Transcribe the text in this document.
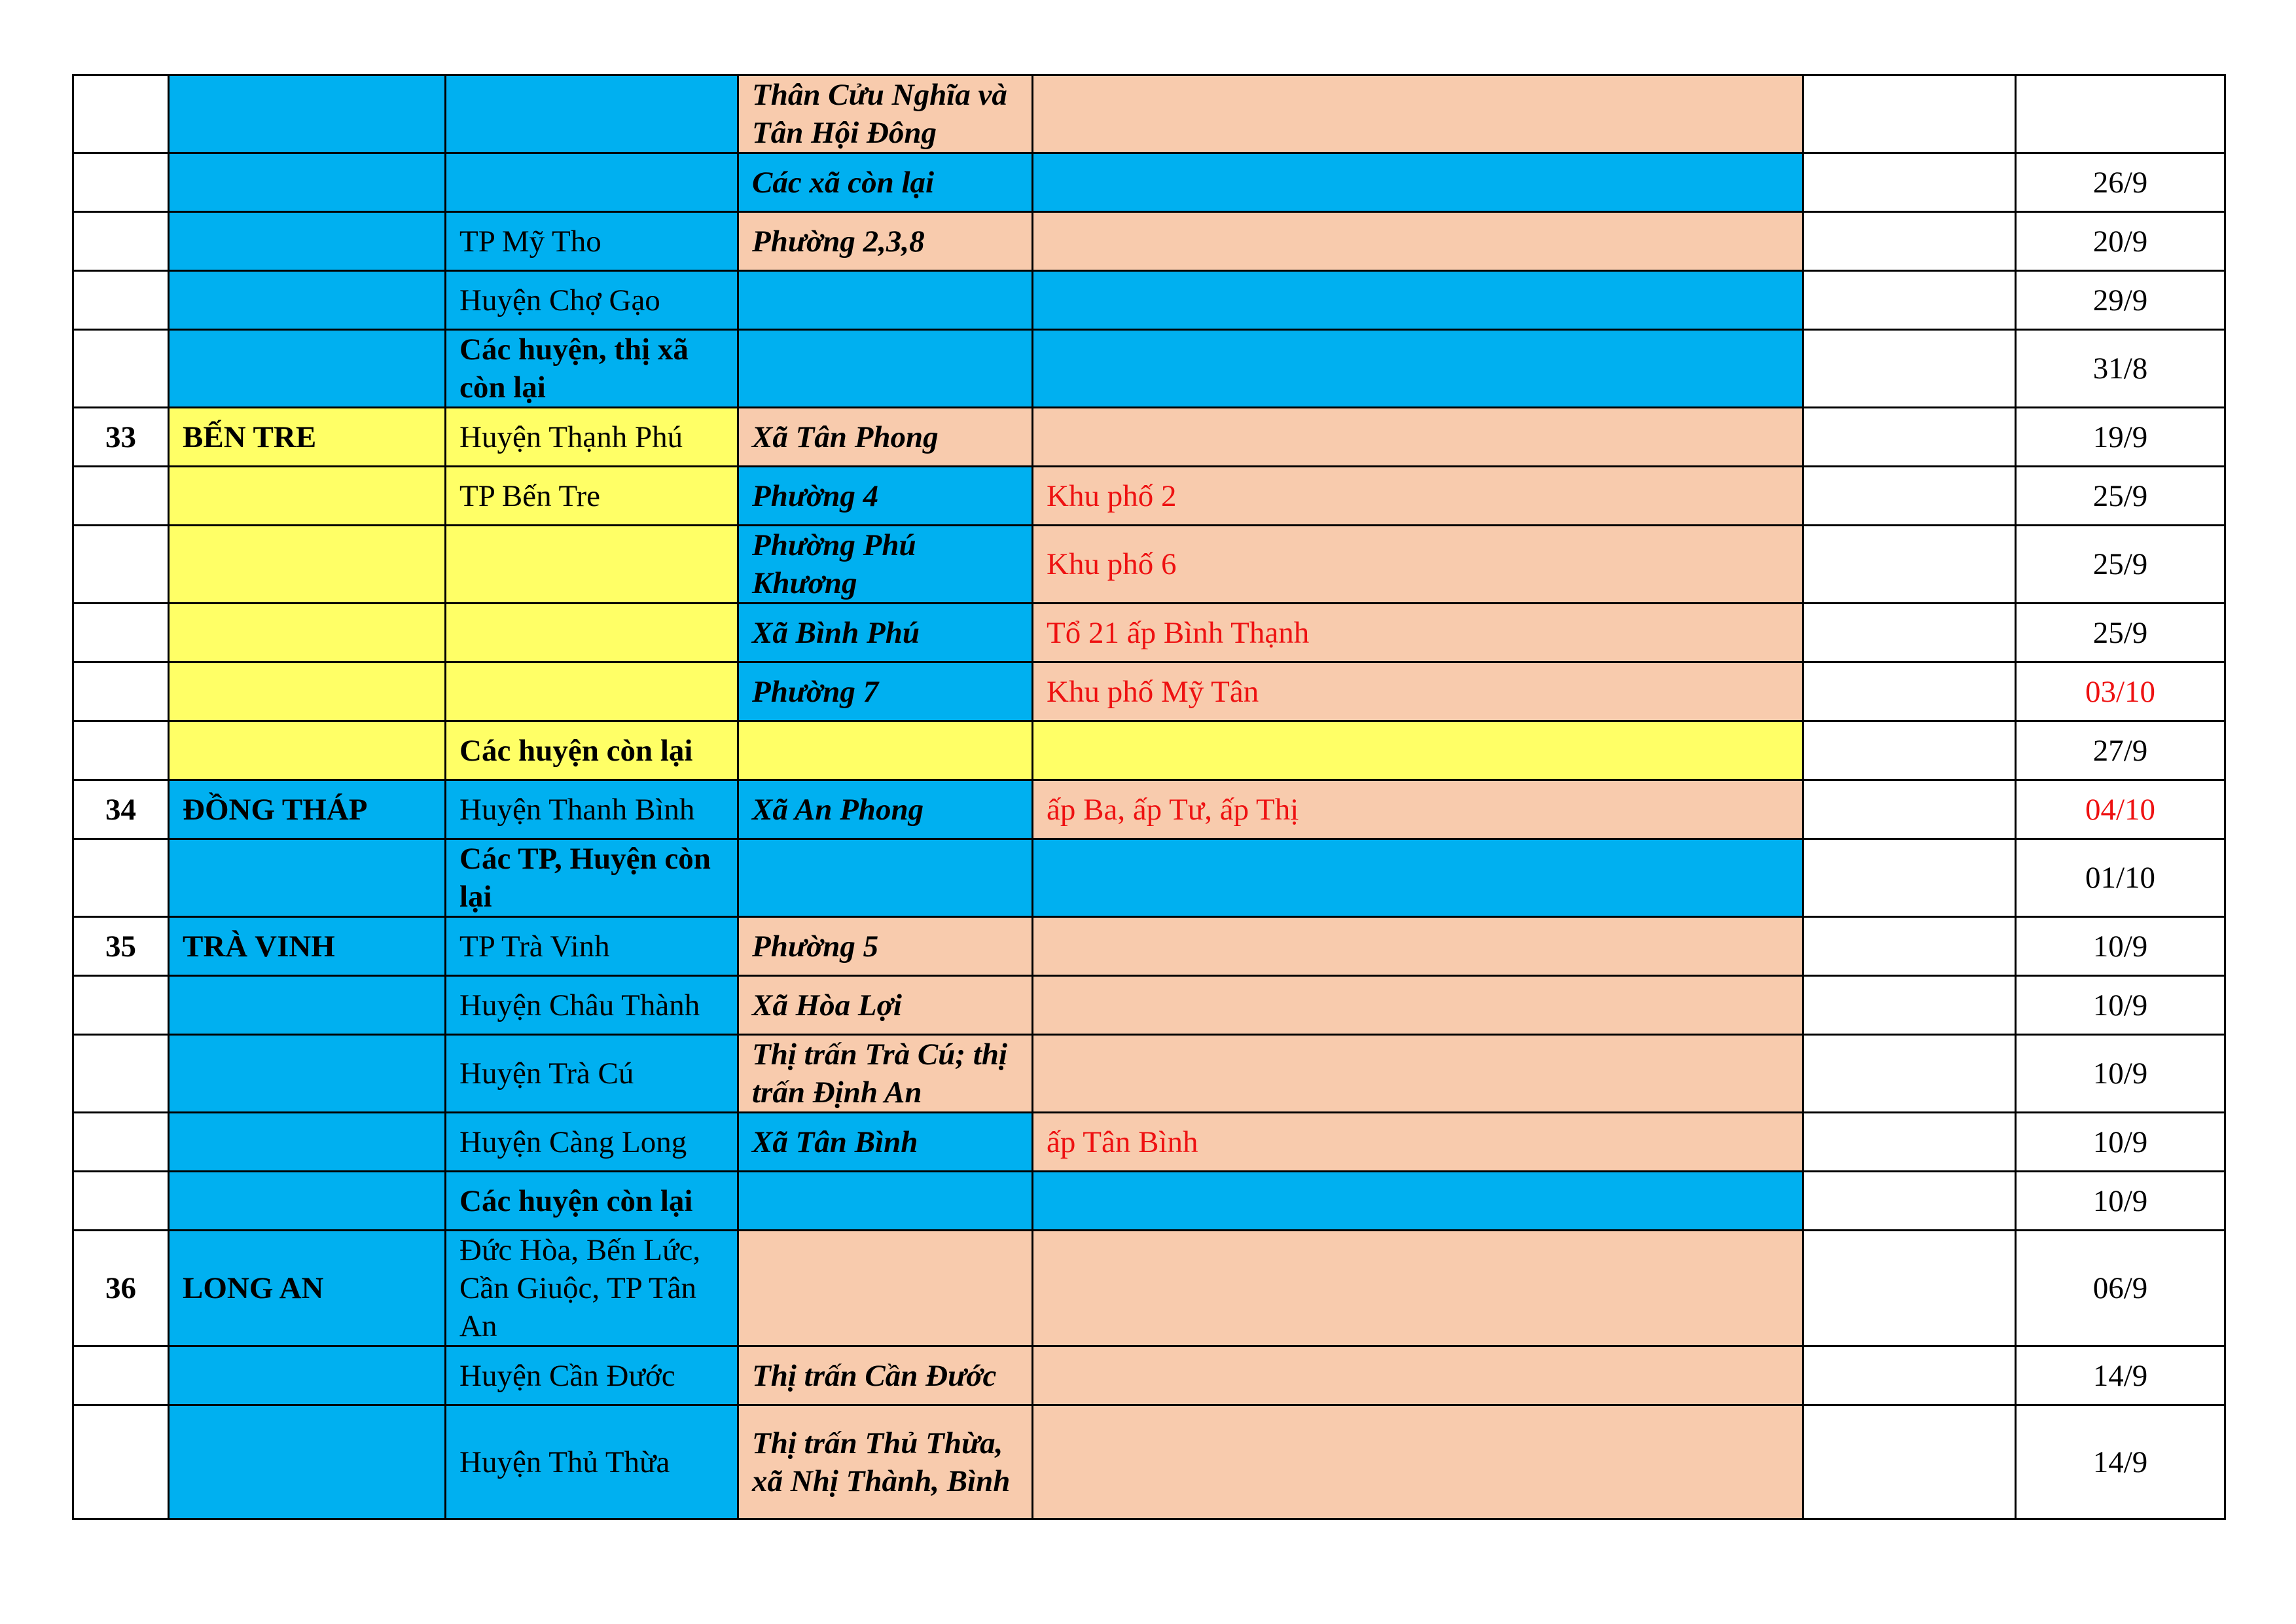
			Thân Cửu Nghĩa và Tân Hội Đông			
			Các xã còn lại			26/9
		TP Mỹ Tho	Phường 2,3,8			20/9
		Huyện Chợ Gạo				29/9
		Các huyện, thị xã còn lại				31/8
33	BẾN TRE	Huyện Thạnh Phú	Xã Tân Phong			19/9
		TP Bến Tre	Phường 4	Khu phố 2		25/9
			Phường Phú Khương	Khu phố 6		25/9
			Xã Bình Phú	Tổ 21 ấp Bình Thạnh		25/9
			Phường 7	Khu phố Mỹ Tân		03/10
		Các huyện còn lại				27/9
34	ĐỒNG THÁP	Huyện Thanh Bình	Xã An Phong	ấp Ba, ấp Tư, ấp Thị		04/10
		Các TP, Huyện còn lại				01/10
35	TRÀ VINH	TP Trà Vinh	Phường 5			10/9
		Huyện Châu Thành	Xã Hòa Lợi			10/9
		Huyện Trà Cú	Thị trấn Trà Cú; thị trấn Định An			10/9
		Huyện Càng Long	Xã Tân Bình	ấp Tân Bình		10/9
		Các huyện còn lại				10/9
36	LONG AN	Đức Hòa, Bến Lức, Cần Giuộc, TP Tân An				06/9
		Huyện Cần Đước	Thị trấn Cần Đước			14/9
		Huyện Thủ Thừa	Thị trấn Thủ Thừa, xã Nhị Thành, Bình			14/9
